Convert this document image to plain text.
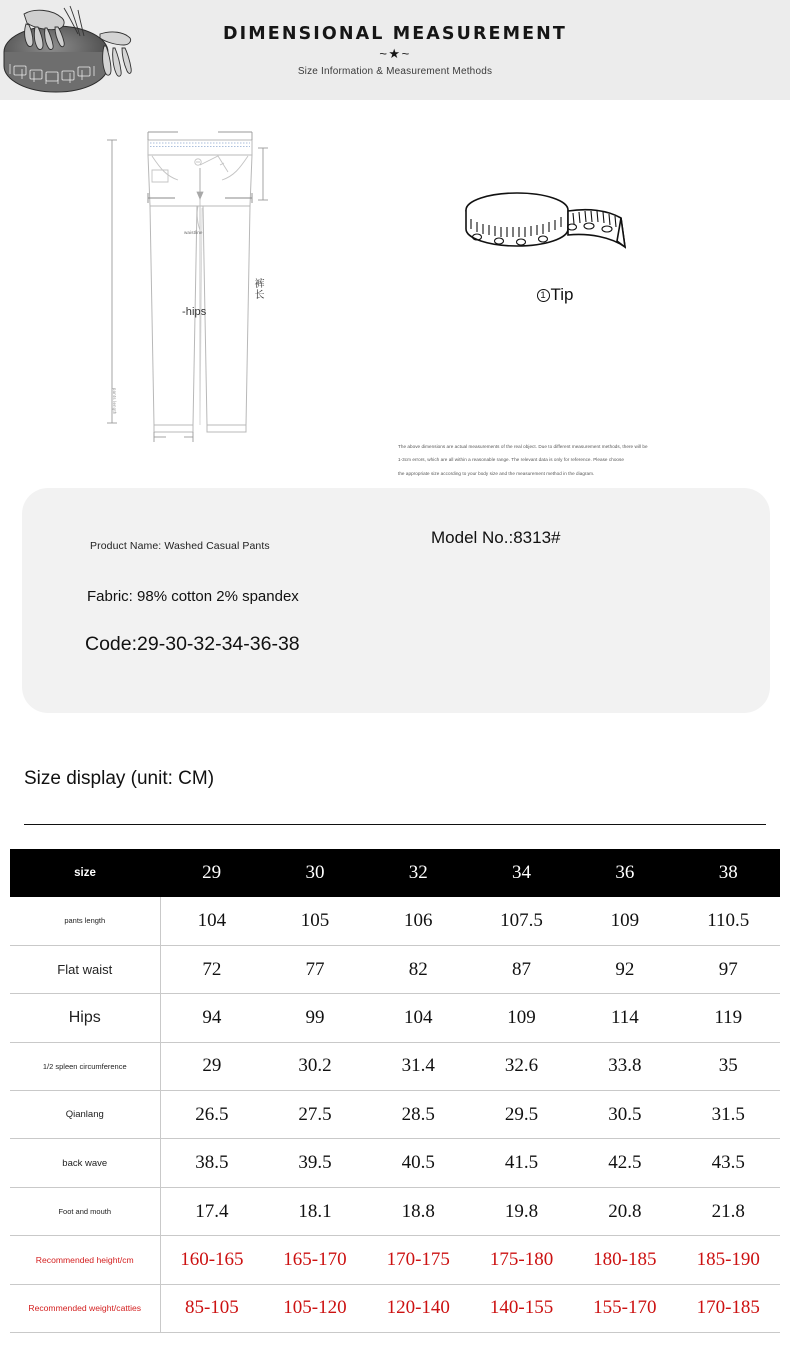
DIMENSIONAL MEASUREMENT
~★~
Size Information & Measurement Methods
waistline
-hips
裤长
pants length
1 Tip

The above dimensions are actual measurements of the real object. Due to different measurement methods, there will be

1-3cm errors, which are all within a reasonable range. The relevant data is only for reference. Please choose

the appropriate size according to your body size and the measurement method in the diagram.

Product Name: Washed Casual Pants	Model No.:8313#
Fabric: 98% cotton 2% spandex
Code:29-30-32-34-36-38
Size display (unit: CM)
size	29	30	32	34	36	38
pants length	104	105	106	107.5	109	110.5
Flat waist	72	77	82	87	92	97
Hips	94	99	104	109	114	119
1/2 spleen circumference	29	30.2	31.4	32.6	33.8	35
Qianlang	26.5	27.5	28.5	29.5	30.5	31.5
back wave	38.5	39.5	40.5	41.5	42.5	43.5
Foot and mouth	17.4	18.1	18.8	19.8	20.8	21.8
Recommended height/cm	160-165	165-170	170-175	175-180	180-185	185-190
Recommended weight/catties	85-105	105-120	120-140	140-155	155-170	170-185
